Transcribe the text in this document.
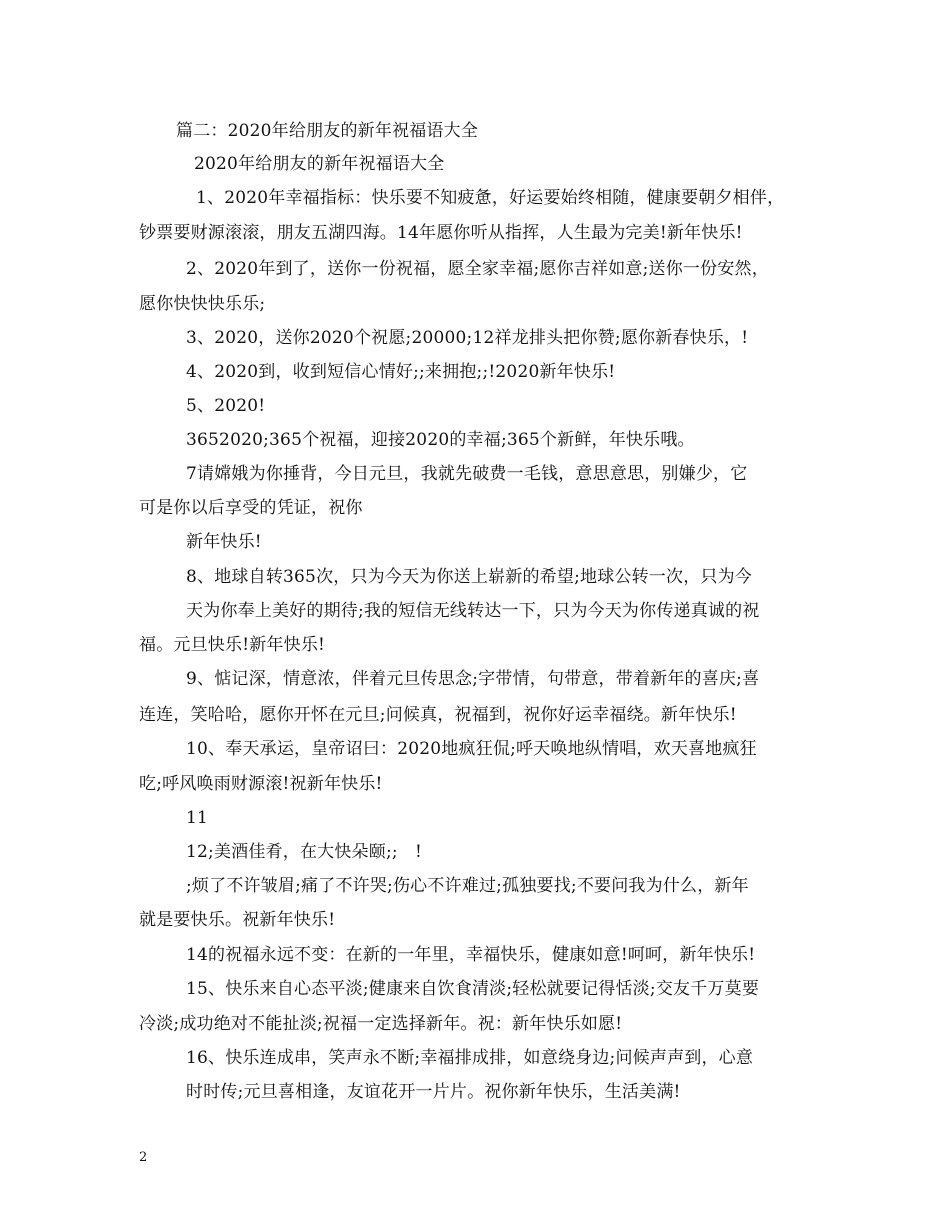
篇二：2020年给朋友的新年祝福语大全
2020年给朋友的新年祝福语大全
1、2020年幸福指标：快乐要不知疲惫，好运要始终相随，健康要朝夕相伴，
钞票要财源滚滚，朋友五湖四海。14年愿你听从指挥，人生最为完美!新年快乐!
2、2020年到了，送你一份祝福，愿全家幸福;愿你吉祥如意;送你一份安然，
愿你快快快乐乐;
3、2020，送你2020个祝愿;20000;12祥龙排头把你赞;愿你新春快乐，!
4、2020到，收到短信心情好;;来拥抱;;!2020新年快乐!
5、2020!
3652020;365个祝福，迎接2020的幸福;365个新鲜，年快乐哦。
7请嫦娥为你捶背，今日元旦，我就先破费一毛钱，意思意思，别嫌少，它
可是你以后享受的凭证，祝你
新年快乐!
8、地球自转365次，只为今天为你送上崭新的希望;地球公转一次，只为今
天为你奉上美好的期待;我的短信无线转达一下，只为今天为你传递真诚的祝
福。元旦快乐!新年快乐!
9、惦记深，情意浓，伴着元旦传思念;字带情，句带意，带着新年的喜庆;喜
连连，笑哈哈，愿你开怀在元旦;问候真，祝福到，祝你好运幸福绕。新年快乐!
10、奉天承运，皇帝诏曰：2020地疯狂侃;呼天唤地纵情唱，欢天喜地疯狂
吃;呼风唤雨财源滚!祝新年快乐!
11
12;美酒佳肴，在大快朵颐;;　!
;烦了不许皱眉;痛了不许哭;伤心不许难过;孤独要找;不要问我为什么，新年
就是要快乐。祝新年快乐!
14的祝福永远不变：在新的一年里，幸福快乐，健康如意!呵呵，新年快乐!
15、快乐来自心态平淡;健康来自饮食清淡;轻松就要记得恬淡;交友千万莫要
冷淡;成功绝对不能扯淡;祝福一定选择新年。祝：新年快乐如愿!
16、快乐连成串，笑声永不断;幸福排成排，如意绕身边;问候声声到，心意
时时传;元旦喜相逢，友谊花开一片片。祝你新年快乐，生活美满!
2
